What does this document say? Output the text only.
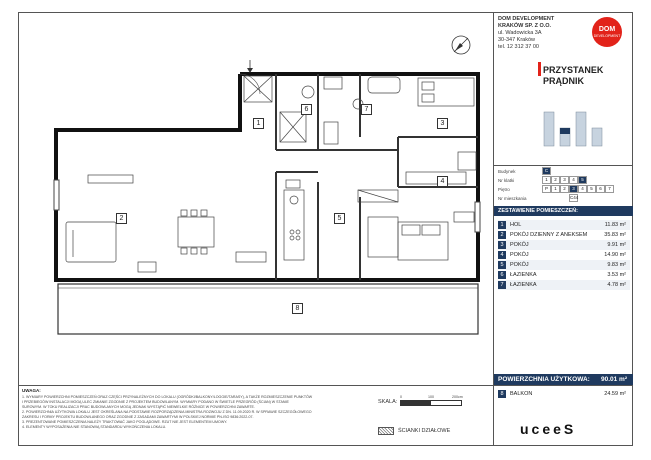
1
2
3
4
5
6	7
8
DOM DEVELOPMENT
KRAKÓW SP. Z O.O.
ul. Wadowicka 3A
30-347 Kraków
tel. 12 312 37 00
DOM
DEVELOPMENT
PRZYSTANEK
PRĄDNIK
Budynek	C
Nr klatki	1	2	3	4	5
Piętro	P	1	2	3	4	5	6	7
Nr mieszkania	C44
ZESTAWIENIE POMIESZCZEŃ:
1	HOL	11.83 m²
2	POKÓJ DZIENNY Z ANEKSEM	35.83 m²
3	POKÓJ	9.91 m²
4	POKÓJ	14.90 m²
5	POKÓJ	9.83 m²
6	ŁAZIENKA	3.53 m²
7	ŁAZIENKA	4.78 m²
POWIERZCHNIA UŻYTKOWA: 90.01 m²
8	BALKON	24.59 m²
uceeS
UWAGA:
1. WYMIARY POWIERZCHNI POMIESZCZEŃ ORAZ CZĘŚCI PRZYNALEŻNYCH DO LOKALU (OGRÓDKI/BALKONY/LOGGIE/TARASY), A TAKŻE ROZMIESZCZENIE PUNKTÓW
I PRZEBIEGÓW INSTALACJI MOGĄ ULEC ZMIANIE ZGODNIE Z PROJEKTEM BUDOWLANYM. WYMIARY PODANO W ŚWIETLE PRZEGRÓD (ŚCIAN) W STANIE
SUROWYM. W TOKU REALIZACJI PRAC BUDOWLANYCH MOGĄ JEDNAK WYSTĄPIĆ NIEWIELKIE RÓŻNICE W POWIERZCHNI ZAWARTE.
2. POWIERZCHNIA UŻYTKOWA LOKALU JEST OKREŚLANA NA PODSTAWIE ROZPORZĄDZENIA MINISTRA ROZWOJU Z DN. 11.09.2020 R. W SPRAWIE SZCZEGÓŁOWEGO
ZAKRESU I FORMY PROJEKTU BUDOWLANEGO ORAZ ZGODNIE Z ZASADAMI ZAWARTYMI W POLSKIEJ NORMIE PN-ISO 9836:2022-07.
3. PREZENTOWANE POMIESZCZENIA NALEŻY TRAKTOWAĆ JAKO POGLĄDOWE. RZUT NIE JEST ELEMENTEM UMOWY.
4. ELEMENTY WYPOSAŻENIA NIE STANOWIĄ STANDARDU WYKOŃCZENIA LOKALU.
SKALA:
0	100	200cm
ŚCIANKI DZIAŁOWE
